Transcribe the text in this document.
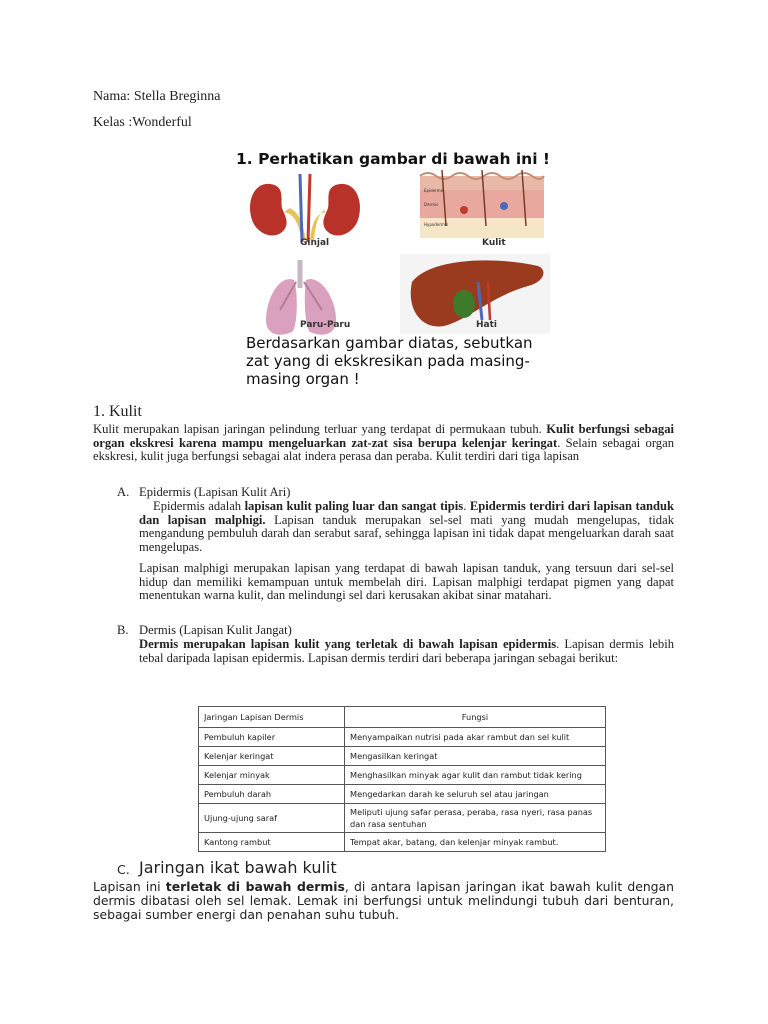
Nama: Stella Breginna
Kelas :Wonderful
1. Perhatikan gambar di bawah ini !
Epidermis
Dermis
Hypodermis
Ginjal	Kulit
Paru-Paru	Hati
Berdasarkan gambar diatas, sebutkan zat yang di ekskresikan pada masing-masing organ !
1. Kulit
Kulit merupakan lapisan jaringan pelindung terluar yang terdapat di permukaan tubuh. Kulit berfungsi sebagai organ ekskresi karena mampu mengeluarkan zat-zat sisa berupa kelenjar keringat. Selain sebagai organ ekskresi, kulit juga berfungsi sebagai alat indera perasa dan peraba. Kulit terdiri dari tiga lapisan
A. Epidermis (Lapisan Kulit Ari)
Epidermis adalah lapisan kulit paling luar dan sangat tipis. Epidermis terdiri dari lapisan tanduk dan lapisan malphigi. Lapisan tanduk merupakan sel-sel mati yang mudah mengelupas, tidak mengandung pembuluh darah dan serabut saraf, sehingga lapisan ini tidak dapat mengeluarkan darah saat mengelupas.
Lapisan malphigi merupakan lapisan yang terdapat di bawah lapisan tanduk, yang tersuun dari sel-sel hidup dan memiliki kemampuan untuk membelah diri. Lapisan malphigi terdapat pigmen yang dapat menentukan warna kulit, dan melindungi sel dari kerusakan akibat sinar matahari.
B. Dermis (Lapisan Kulit Jangat)
Dermis merupakan lapisan kulit yang terletak di bawah lapisan epidermis. Lapisan dermis lebih tebal daripada lapisan epidermis. Lapisan dermis terdiri dari beberapa jaringan sebagai berikut:
Jaringan Lapisan Dermis	Fungsi
Pembuluh kapiler	Menyampaikan nutrisi pada akar rambut dan sel kulit
Kelenjar keringat	Mengasilkan keringat
Kelenjar minyak	Menghasilkan minyak agar kulit dan rambut tidak kering
Pembuluh darah	Mengedarkan darah ke seluruh sel atau jaringan
Ujung-ujung saraf	Meliputi ujung safar perasa, peraba, rasa nyeri, rasa panas dan rasa sentuhan
Kantong rambut	Tempat akar, batang, dan kelenjar minyak rambut.
C. Jaringan ikat bawah kulit
Lapisan ini terletak di bawah dermis, di antara lapisan jaringan ikat bawah kulit dengan dermis dibatasi oleh sel lemak. Lemak ini berfungsi untuk melindungi tubuh dari benturan, sebagai sumber energi dan penahan suhu tubuh.
